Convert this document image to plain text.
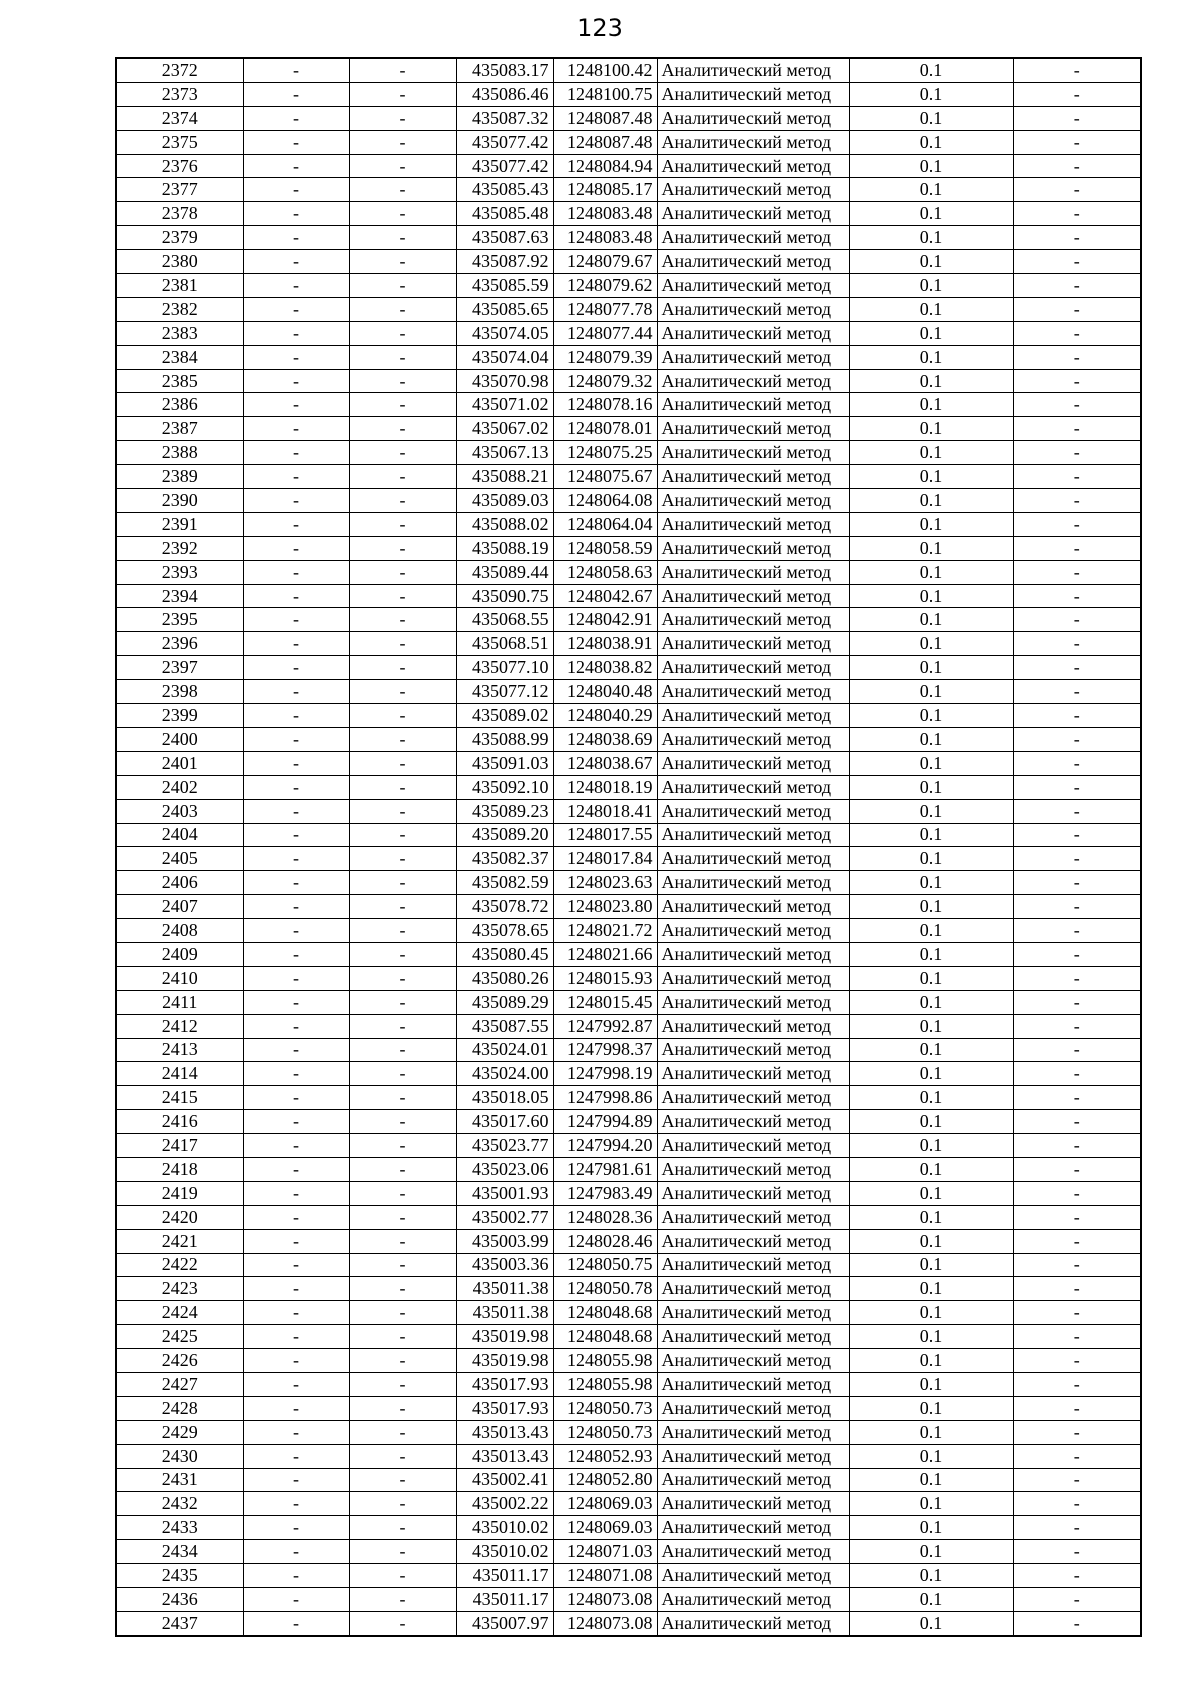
123
2372	-	-	435083.17	1248100.42	Аналитический метод	0.1	-
2373	-	-	435086.46	1248100.75	Аналитический метод	0.1	-
2374	-	-	435087.32	1248087.48	Аналитический метод	0.1	-
2375	-	-	435077.42	1248087.48	Аналитический метод	0.1	-
2376	-	-	435077.42	1248084.94	Аналитический метод	0.1	-
2377	-	-	435085.43	1248085.17	Аналитический метод	0.1	-
2378	-	-	435085.48	1248083.48	Аналитический метод	0.1	-
2379	-	-	435087.63	1248083.48	Аналитический метод	0.1	-
2380	-	-	435087.92	1248079.67	Аналитический метод	0.1	-
2381	-	-	435085.59	1248079.62	Аналитический метод	0.1	-
2382	-	-	435085.65	1248077.78	Аналитический метод	0.1	-
2383	-	-	435074.05	1248077.44	Аналитический метод	0.1	-
2384	-	-	435074.04	1248079.39	Аналитический метод	0.1	-
2385	-	-	435070.98	1248079.32	Аналитический метод	0.1	-
2386	-	-	435071.02	1248078.16	Аналитический метод	0.1	-
2387	-	-	435067.02	1248078.01	Аналитический метод	0.1	-
2388	-	-	435067.13	1248075.25	Аналитический метод	0.1	-
2389	-	-	435088.21	1248075.67	Аналитический метод	0.1	-
2390	-	-	435089.03	1248064.08	Аналитический метод	0.1	-
2391	-	-	435088.02	1248064.04	Аналитический метод	0.1	-
2392	-	-	435088.19	1248058.59	Аналитический метод	0.1	-
2393	-	-	435089.44	1248058.63	Аналитический метод	0.1	-
2394	-	-	435090.75	1248042.67	Аналитический метод	0.1	-
2395	-	-	435068.55	1248042.91	Аналитический метод	0.1	-
2396	-	-	435068.51	1248038.91	Аналитический метод	0.1	-
2397	-	-	435077.10	1248038.82	Аналитический метод	0.1	-
2398	-	-	435077.12	1248040.48	Аналитический метод	0.1	-
2399	-	-	435089.02	1248040.29	Аналитический метод	0.1	-
2400	-	-	435088.99	1248038.69	Аналитический метод	0.1	-
2401	-	-	435091.03	1248038.67	Аналитический метод	0.1	-
2402	-	-	435092.10	1248018.19	Аналитический метод	0.1	-
2403	-	-	435089.23	1248018.41	Аналитический метод	0.1	-
2404	-	-	435089.20	1248017.55	Аналитический метод	0.1	-
2405	-	-	435082.37	1248017.84	Аналитический метод	0.1	-
2406	-	-	435082.59	1248023.63	Аналитический метод	0.1	-
2407	-	-	435078.72	1248023.80	Аналитический метод	0.1	-
2408	-	-	435078.65	1248021.72	Аналитический метод	0.1	-
2409	-	-	435080.45	1248021.66	Аналитический метод	0.1	-
2410	-	-	435080.26	1248015.93	Аналитический метод	0.1	-
2411	-	-	435089.29	1248015.45	Аналитический метод	0.1	-
2412	-	-	435087.55	1247992.87	Аналитический метод	0.1	-
2413	-	-	435024.01	1247998.37	Аналитический метод	0.1	-
2414	-	-	435024.00	1247998.19	Аналитический метод	0.1	-
2415	-	-	435018.05	1247998.86	Аналитический метод	0.1	-
2416	-	-	435017.60	1247994.89	Аналитический метод	0.1	-
2417	-	-	435023.77	1247994.20	Аналитический метод	0.1	-
2418	-	-	435023.06	1247981.61	Аналитический метод	0.1	-
2419	-	-	435001.93	1247983.49	Аналитический метод	0.1	-
2420	-	-	435002.77	1248028.36	Аналитический метод	0.1	-
2421	-	-	435003.99	1248028.46	Аналитический метод	0.1	-
2422	-	-	435003.36	1248050.75	Аналитический метод	0.1	-
2423	-	-	435011.38	1248050.78	Аналитический метод	0.1	-
2424	-	-	435011.38	1248048.68	Аналитический метод	0.1	-
2425	-	-	435019.98	1248048.68	Аналитический метод	0.1	-
2426	-	-	435019.98	1248055.98	Аналитический метод	0.1	-
2427	-	-	435017.93	1248055.98	Аналитический метод	0.1	-
2428	-	-	435017.93	1248050.73	Аналитический метод	0.1	-
2429	-	-	435013.43	1248050.73	Аналитический метод	0.1	-
2430	-	-	435013.43	1248052.93	Аналитический метод	0.1	-
2431	-	-	435002.41	1248052.80	Аналитический метод	0.1	-
2432	-	-	435002.22	1248069.03	Аналитический метод	0.1	-
2433	-	-	435010.02	1248069.03	Аналитический метод	0.1	-
2434	-	-	435010.02	1248071.03	Аналитический метод	0.1	-
2435	-	-	435011.17	1248071.08	Аналитический метод	0.1	-
2436	-	-	435011.17	1248073.08	Аналитический метод	0.1	-
2437	-	-	435007.97	1248073.08	Аналитический метод	0.1	-
